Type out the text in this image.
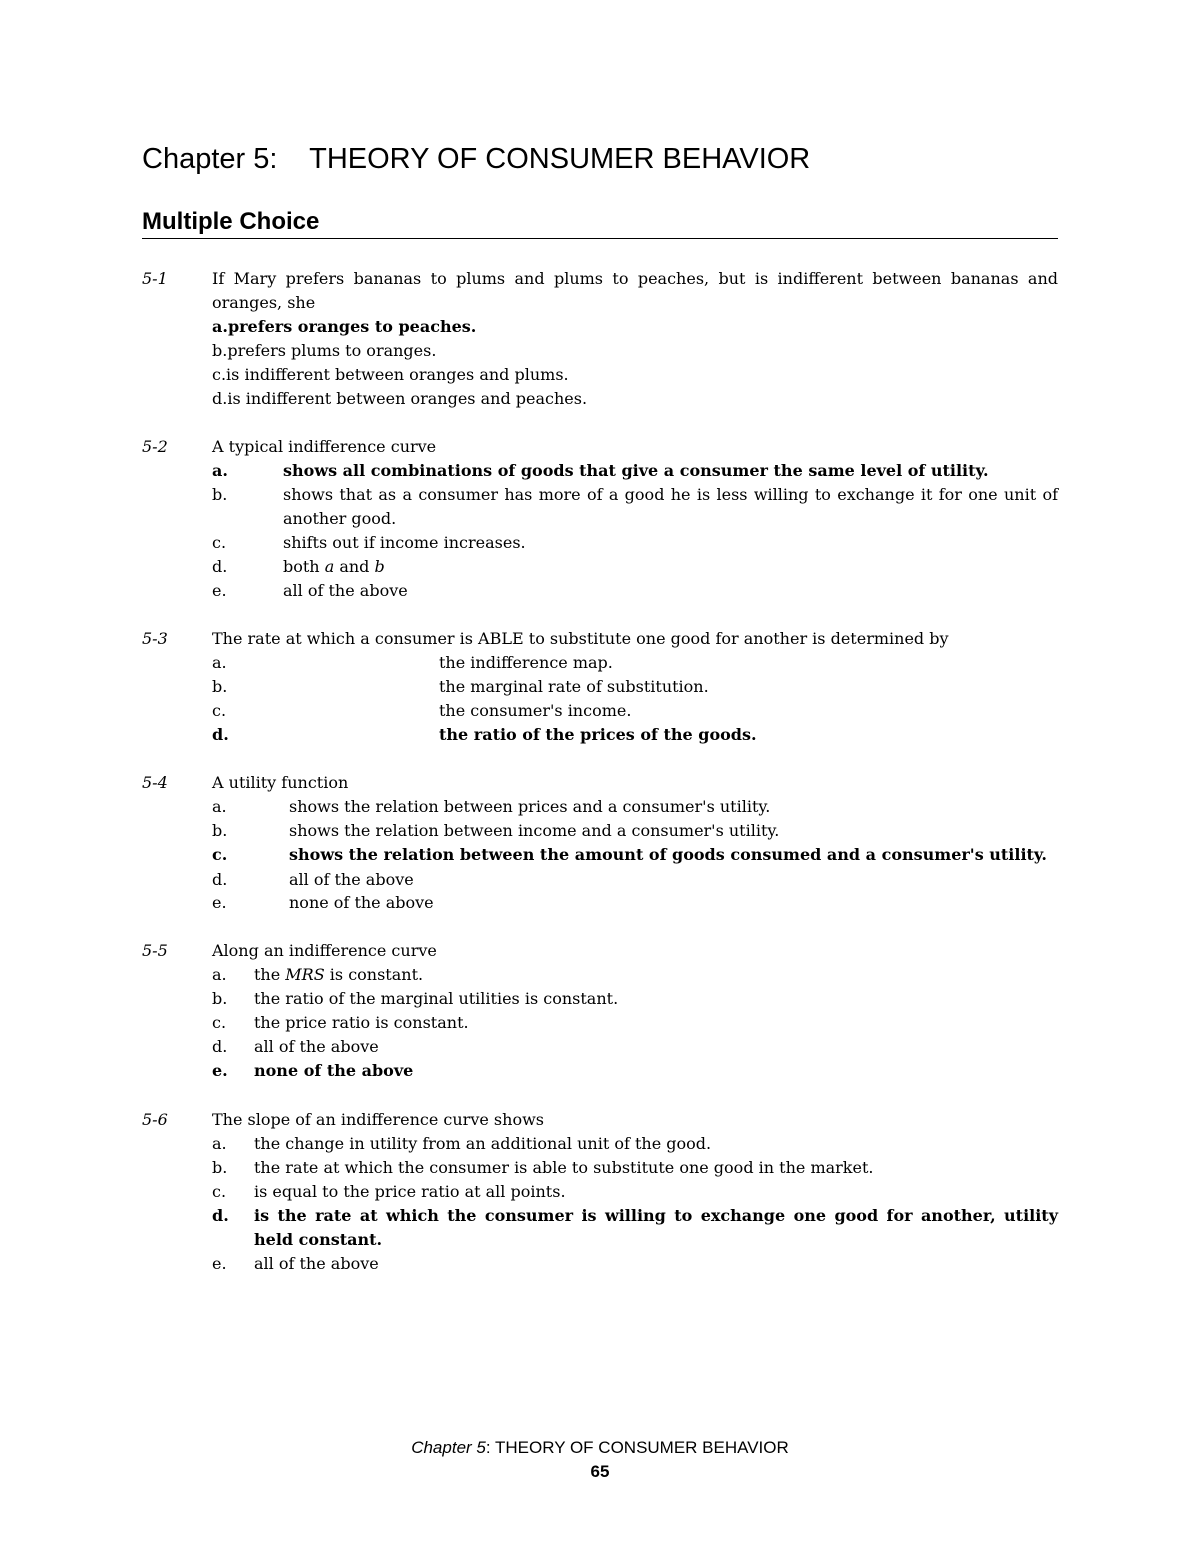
Chapter 5:    THEORY OF CONSUMER BEHAVIOR
Multiple Choice
5-1	If Mary prefers bananas to plums and plums to peaches, but is indifferent between bananas and oranges, she
a.prefers oranges to peaches.
b.prefers plums to oranges.
c.is indifferent between oranges and plums.
d.is indifferent between oranges and peaches.
5-2	A typical indifference curve
a.	shows all combinations of goods that give a consumer the same level of utility.
b.	shows that as a consumer has more of a good he is less willing to exchange it for one unit of another good.
c.	shifts out if income increases.
d.	both a and b
e.	all of the above
5-3	The rate at which a consumer is ABLE to substitute one good for another is determined by
a.	the indifference map.
b.	the marginal rate of substitution.
c.	the consumer's income.
d.	the ratio of the prices of the goods.
5-4	A utility function
a.	shows the relation between prices and a consumer's utility.
b.	shows the relation between income and a consumer's utility.
c.	shows the relation between the amount of goods consumed and a consumer's utility.
d.	all of the above
e.	none of the above
5-5	Along an indifference curve
a. the MRS is constant.
b. the ratio of the marginal utilities is constant.
c. the price ratio is constant.
d. all of the above
e. none of the above
5-6	The slope of an indifference curve shows
a. the change in utility from an additional unit of the good.
b. the rate at which the consumer is able to substitute one good in the market.
c. is equal to the price ratio at all points.
d. is the rate at which the consumer is willing to exchange one good for another, utility held constant.
e. all of the above
Chapter 5: THEORY OF CONSUMER BEHAVIOR
65
